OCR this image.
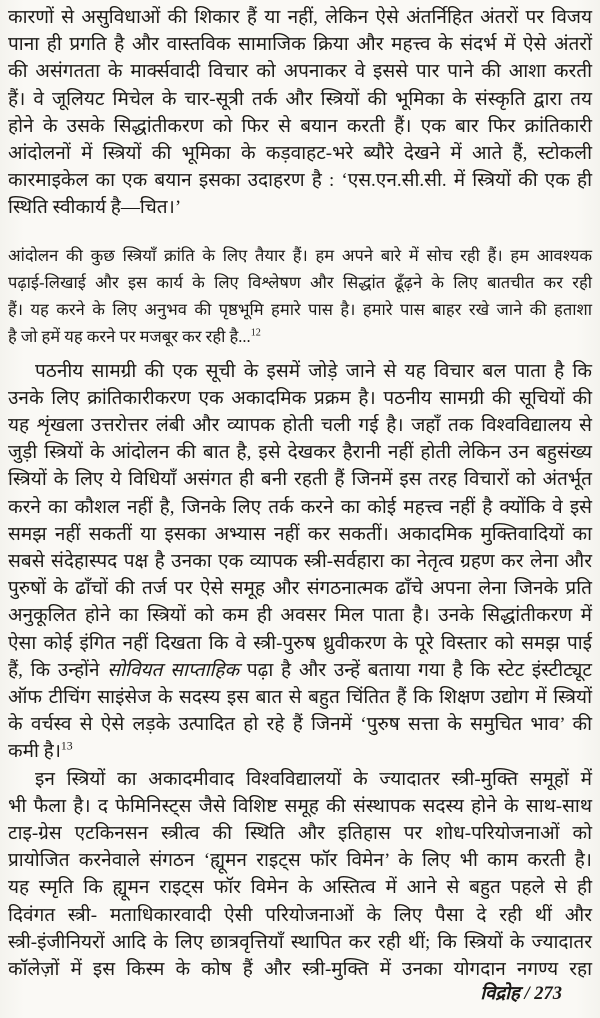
कारणों से असुविधाओं की शिकार हैं या नहीं, लेकिन ऐसे अंतर्निहित अंतरों पर विजय
पाना ही प्रगति है और वास्तविक सामाजिक क्रिया और महत्त्व के संदर्भ में ऐसे अंतरों
की असंगतता के मार्क्सवादी विचार को अपनाकर वे इससे पार पाने की आशा करती
हैं। वे जूलियट मिचेल के चार-सूत्री तर्क और स्त्रियों की भूमिका के संस्कृति द्वारा तय
होने के उसके सिद्धांतीकरण को फिर से बयान करती हैं। एक बार फिर क्रांतिकारी
आंदोलनों में स्त्रियों की भूमिका के कड़वाहट-भरे ब्यौरे देखने में आते हैं, स्टोकली
कारमाइकेल का एक बयान इसका उदाहरण है : ‘एस.एन.सी.सी. में स्त्रियों की एक ही
स्थिति स्वीकार्य है—चित।’
आंदोलन की कुछ स्त्रियाँ क्रांति के लिए तैयार हैं। हम अपने बारे में सोच रही हैं। हम आवश्यक
पढ़ाई-लिखाई और इस कार्य के लिए विश्लेषण और सिद्धांत ढूँढ़ने के लिए बातचीत कर रही
हैं। यह करने के लिए अनुभव की पृष्ठभूमि हमारे पास है। हमारे पास बाहर रखे जाने की हताशा
है जो हमें यह करने पर मजबूर कर रही है...$^{12}$
पठनीय सामग्री की एक सूची के इसमें जोड़े जाने से यह विचार बल पाता है कि
उनके लिए क्रांतिकारीकरण एक अकादमिक प्रक्रम है। पठनीय सामग्री की सूचियों की
यह शृंखला उत्तरोत्तर लंबी और व्यापक होती चली गई है। जहाँ तक विश्वविद्यालय से
जुड़ी स्त्रियों के आंदोलन की बात है, इसे देखकर हैरानी नहीं होती लेकिन उन बहुसंख्य
स्त्रियों के लिए ये विधियाँ असंगत ही बनी रहती हैं जिनमें इस तरह विचारों को अंतर्भूत
करने का कौशल नहीं है, जिनके लिए तर्क करने का कोई महत्त्व नहीं है क्योंकि वे इसे
समझ नहीं सकतीं या इसका अभ्यास नहीं कर सकतीं। अकादमिक मुक्तिवादियों का
सबसे संदेहास्पद पक्ष है उनका एक व्यापक स्त्री-सर्वहारा का नेतृत्व ग्रहण कर लेना और
पुरुषों के ढाँचों की तर्ज पर ऐसे समूह और संगठनात्मक ढाँचे अपना लेना जिनके प्रति
अनुकूलित होने का स्त्रियों को कम ही अवसर मिल पाता है। उनके सिद्धांतीकरण में
ऐसा कोई इंगित नहीं दिखता कि वे स्त्री-पुरुष ध्रुवीकरण के पूरे विस्तार को समझ पाई
हैं, कि उन्होंने सोवियत साप्ताहिक पढ़ा है और उन्हें बताया गया है कि स्टेट इंस्टीट्यूट
ऑफ टीचिंग साइंसेज के सदस्य इस बात से बहुत चिंतित हैं कि शिक्षण उद्योग में स्त्रियों
के वर्चस्व से ऐसे लड़के उत्पादित हो रहे हैं जिनमें ‘पुरुष सत्ता के समुचित भाव’ की
कमी है।$^{13}$
इन स्त्रियों का अकादमीवाद विश्वविद्यालयों के ज्यादातर स्त्री-मुक्ति समूहों में
भी फैला है। द फेमिनिस्ट्स जैसे विशिष्ट समूह की संस्थापक सदस्य होने के साथ-साथ
टाइ-ग्रेस एटकिनसन स्त्रीत्व की स्थिति और इतिहास पर शोध-परियोजनाओं को
प्रायोजित करनेवाले संगठन ‘ह्यूमन राइट्स फॉर विमेन’ के लिए भी काम करती है।
यह स्मृति कि ह्यूमन राइट्स फॉर विमेन के अस्तित्व में आने से बहुत पहले से ही
दिवंगत स्त्री- मताधिकारवादी ऐसी परियोजनाओं के लिए पैसा दे रही थीं और
स्त्री-इंजीनियरों आदि के लिए छात्रवृत्तियाँ स्थापित कर रही थीं; कि स्त्रियों के ज्यादातर
कॉलेज़ों में इस किस्म के कोष हैं और स्त्री-मुक्ति में उनका योगदान नगण्य रहा
विद्रोह / 273
